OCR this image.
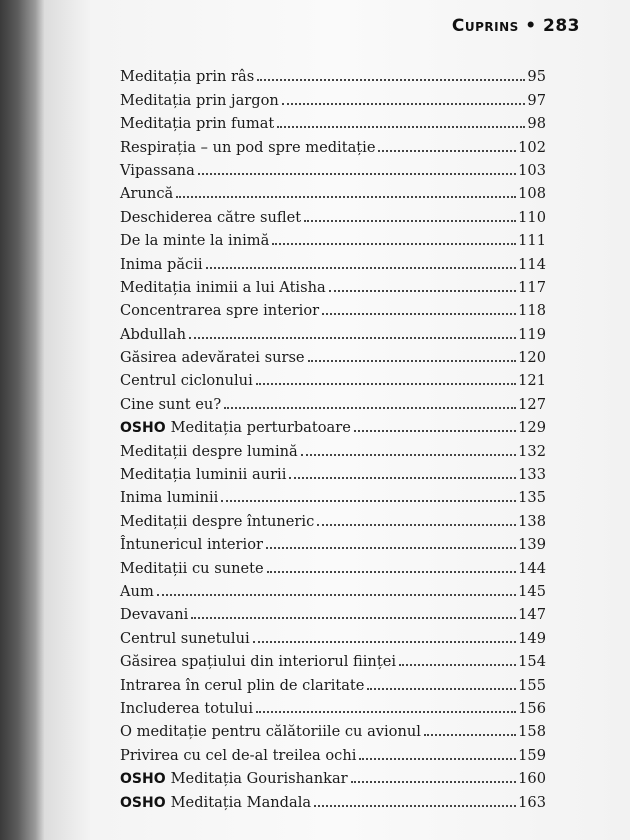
Cuprins • 283
Meditația prin râs	95
Meditația prin jargon	97
Meditația prin fumat	98
Respirația – un pod spre meditație	102
Vipassana	103
Aruncă	108
Deschiderea către suflet	110
De la minte la inimă	111
Inima păcii	114
Meditația inimii a lui Atisha	117
Concentrarea spre interior	118
Abdullah	119
Găsirea adevăratei surse	120
Centrul ciclonului	121
Cine sunt eu?	127
OSHO Meditația perturbatoare	129
Meditații despre lumină	132
Meditația luminii aurii	133
Inima luminii	135
Meditații despre întuneric	138
Întunericul interior	139
Meditații cu sunete	144
Aum	145
Devavani	147
Centrul sunetului	149
Găsirea spațiului din interiorul ființei	154
Intrarea în cerul plin de claritate	155
Includerea totului	156
O meditație pentru călătoriile cu avionul	158
Privirea cu cel de-al treilea ochi	159
OSHO Meditația Gourishankar	160
OSHO Meditația Mandala	163
